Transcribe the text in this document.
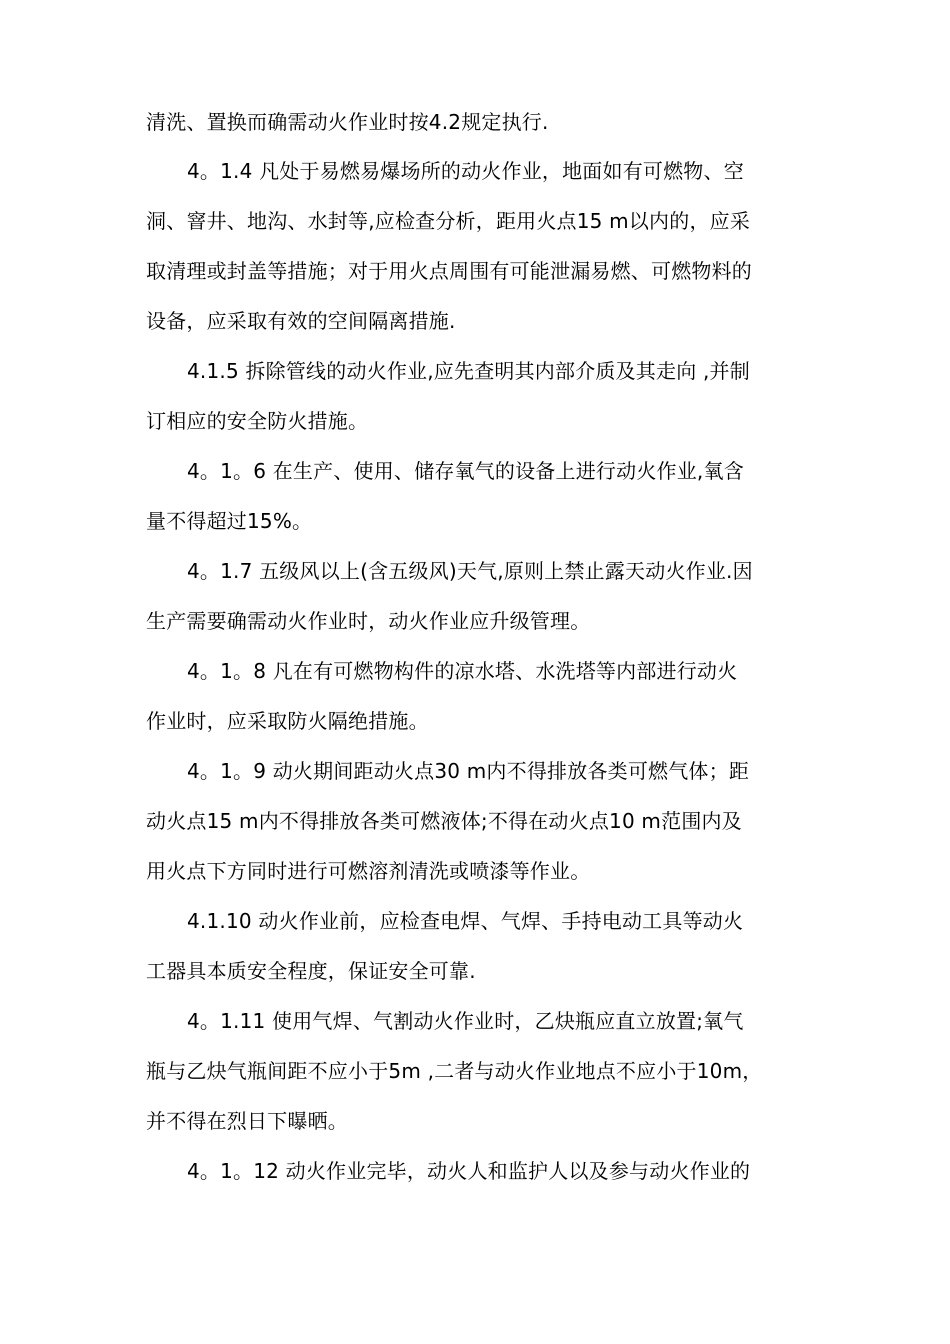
清洗、置换而确需动火作业时按4.2规定执行.
4。1.4 凡处于易燃易爆场所的动火作业，地面如有可燃物、空
洞、窨井、地沟、水封等,应检查分析，距用火点15 m以内的，应采
取清理或封盖等措施；对于用火点周围有可能泄漏易燃、可燃物料的
设备，应采取有效的空间隔离措施.
4.1.5 拆除管线的动火作业,应先查明其内部介质及其走向 ,并制
订相应的安全防火措施。
4。1。6 在生产、使用、储存氧气的设备上进行动火作业,氧含
量不得超过15%。
4。1.7 五级风以上(含五级风)天气,原则上禁止露天动火作业.因
生产需要确需动火作业时，动火作业应升级管理。
4。1。8 凡在有可燃物构件的凉水塔、水洗塔等内部进行动火
作业时，应采取防火隔绝措施。
4。1。9 动火期间距动火点30 m内不得排放各类可燃气体；距
动火点15 m内不得排放各类可燃液体;不得在动火点10 m范围内及
用火点下方同时进行可燃溶剂清洗或喷漆等作业。
4.1.10 动火作业前，应检查电焊、气焊、手持电动工具等动火
工器具本质安全程度，保证安全可靠.
4。1.11 使用气焊、气割动火作业时，乙炔瓶应直立放置;氧气
瓶与乙炔气瓶间距不应小于5m ,二者与动火作业地点不应小于10m，
并不得在烈日下曝晒。
4。1。12 动火作业完毕，动火人和监护人以及参与动火作业的
